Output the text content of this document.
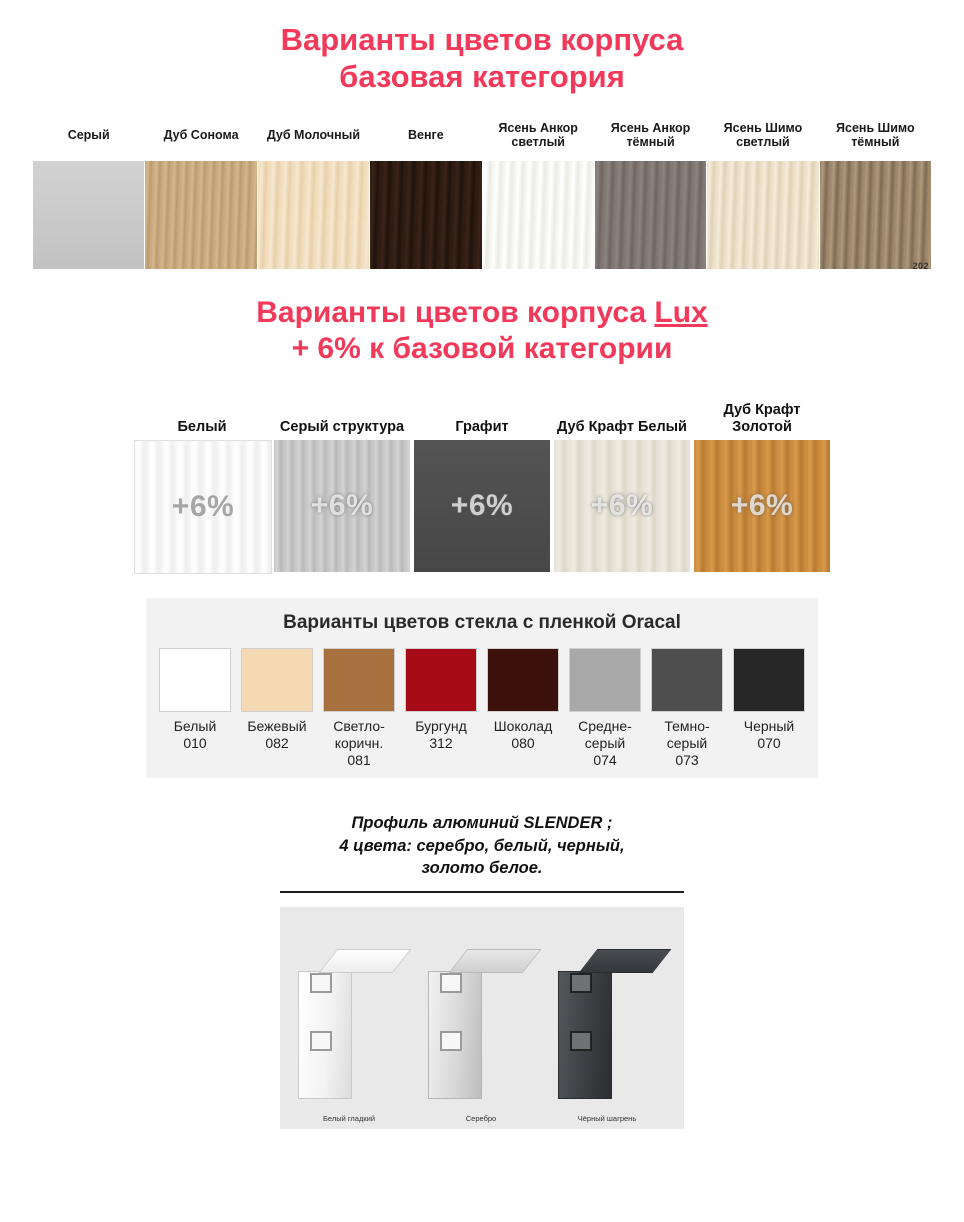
Варианты цветов корпуса
базовая категория
Серый	Дуб Сонома	Дуб Молочный	Венге
Ясень Анкор светлый
Ясень Анкор тёмный
Ясень Шимо светлый
Ясень Шимо тёмный
202
Варианты цветов корпуса Lux
+ 6% к базовой категории
Белый
+6%
Серый структура
+6%
Графит
+6%
Дуб Крафт Белый
+6%
Дуб Крафт Золотой
+6%
Варианты цветов стекла с пленкой Oracal
Белый
010
Бежевый
082
Светло-коричн.
081
Бургунд
312
Шоколад
080
Средне-серый
074
Темно-серый
073
Черный
070
Профиль алюминий SLENDER ;
4 цвета: серебро, белый, черный,
золото белое.
Белый гладкий	Серебро	Чёрный шагрень
